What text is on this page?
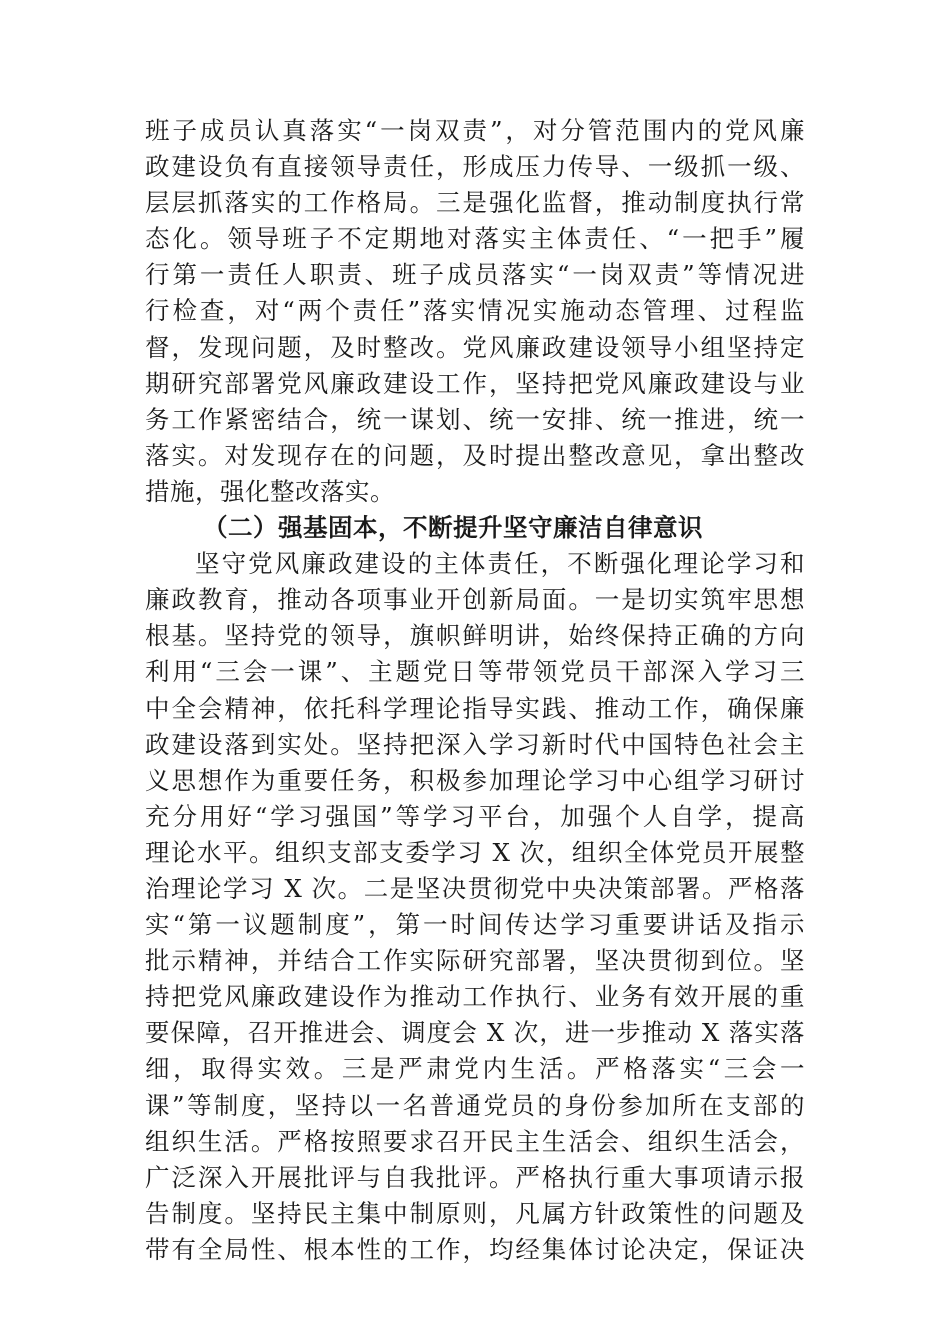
班子成员认真落实“一岗双责”，对分管范围内的党风廉
政建设负有直接领导责任，形成压力传导、一级抓一级、
层层抓落实的工作格局。三是强化监督，推动制度执行常
态化。领导班子不定期地对落实主体责任、“一把手”履
行第一责任人职责、班子成员落实“一岗双责”等情况进
行检查，对“两个责任”落实情况实施动态管理、过程监
督，发现问题，及时整改。党风廉政建设领导小组坚持定
期研究部署党风廉政建设工作，坚持把党风廉政建设与业
务工作紧密结合，统一谋划、统一安排、统一推进，统一
落实。对发现存在的问题，及时提出整改意见，拿出整改
措施，强化整改落实。
（二）强基固本，不断提升坚守廉洁自律意识
坚守党风廉政建设的主体责任，不断强化理论学习和
廉政教育，推动各项事业开创新局面。一是切实筑牢思想
根基。坚持党的领导，旗帜鲜明讲，始终保持正确的方向
利用“三会一课”、主题党日等带领党员干部深入学习三
中全会精神，依托科学理论指导实践、推动工作，确保廉
政建设落到实处。坚持把深入学习新时代中国特色社会主
义思想作为重要任务，积极参加理论学习中心组学习研讨
充分用好“学习强国”等学习平台，加强个人自学，提高
理论水平。组织支部支委学习 X 次，组织全体党员开展整
治理论学习 X 次。二是坚决贯彻党中央决策部署。严格落
实“第一议题制度”，第一时间传达学习重要讲话及指示
批示精神，并结合工作实际研究部署，坚决贯彻到位。坚
持把党风廉政建设作为推动工作执行、业务有效开展的重
要保障，召开推进会、调度会 X 次，进一步推动 X 落实落
细，取得实效。三是严肃党内生活。严格落实“三会一
课”等制度，坚持以一名普通党员的身份参加所在支部的
组织生活。严格按照要求召开民主生活会、组织生活会，
广泛深入开展批评与自我批评。严格执行重大事项请示报
告制度。坚持民主集中制原则，凡属方针政策性的问题及
带有全局性、根本性的工作，均经集体讨论决定，保证决
